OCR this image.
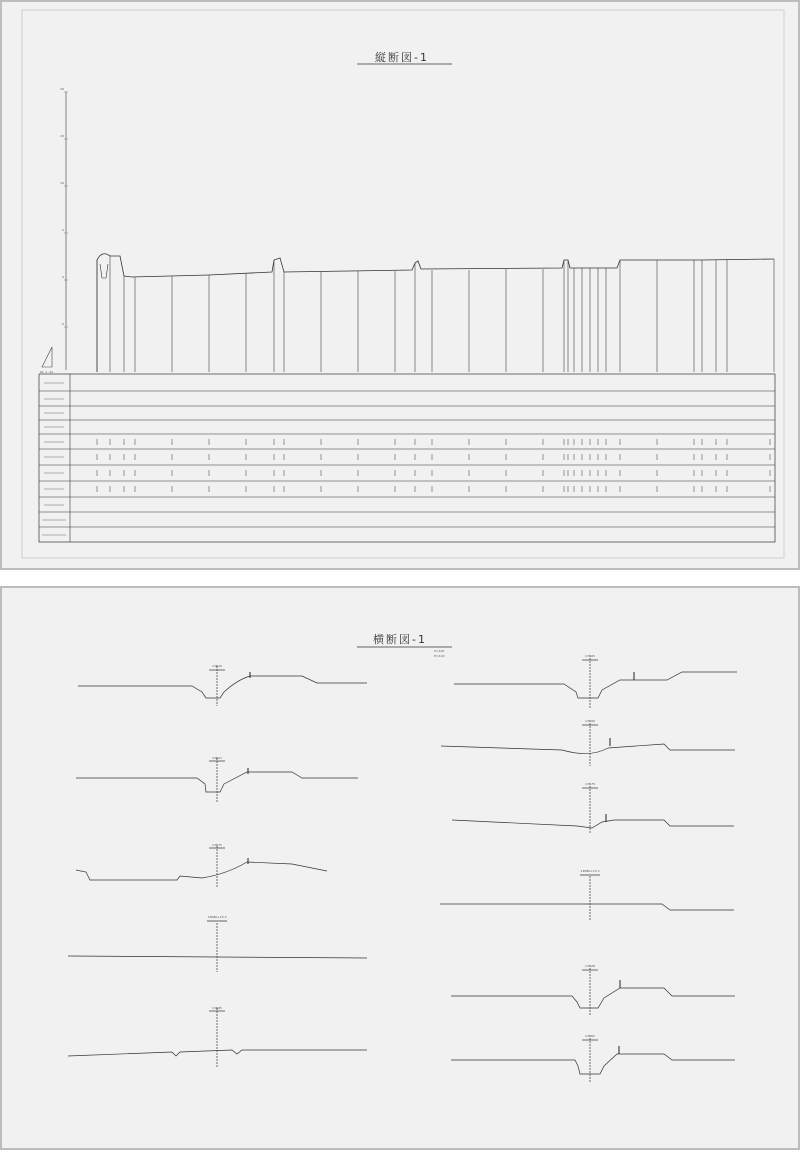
縦断図-1
20
15
10
5
0
-5
DL = -10
横断図-1
V=100
H=100
13N20
13N21
13N75
13N80+15.3
13N85
13N05
13N90
13N75
13N80+15.3
13N28
13N65
